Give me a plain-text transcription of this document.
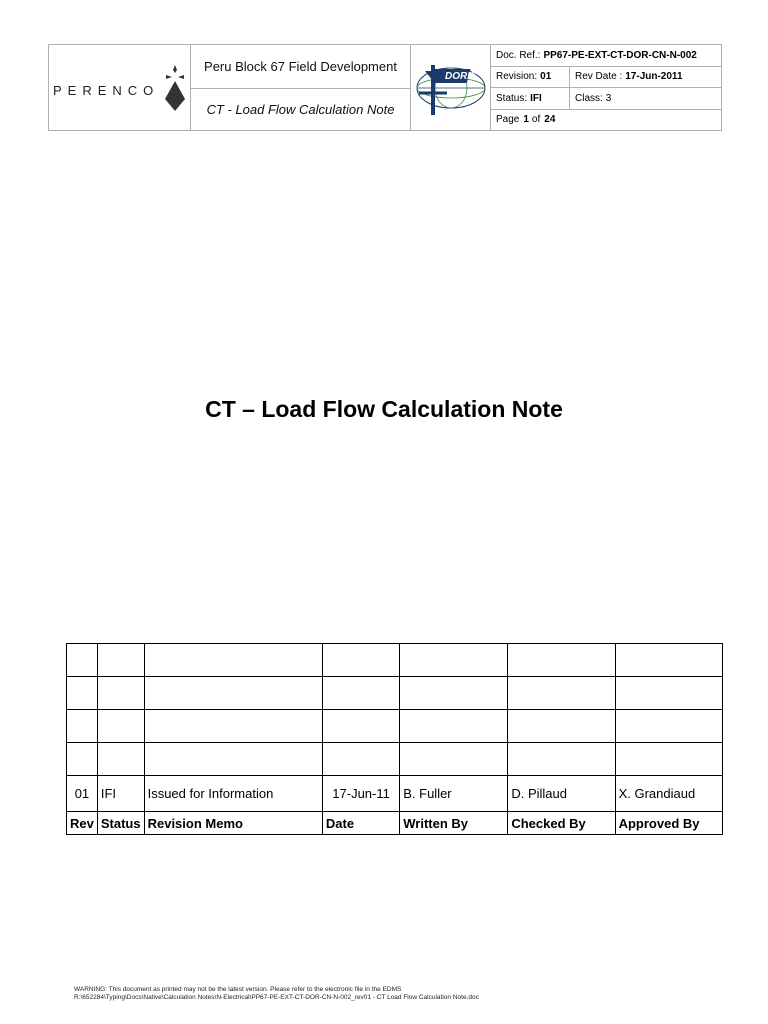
PERENCO
Peru Block 67 Field Development
CT - Load Flow Calculation Note
DORIS
Doc. Ref.: PP67-PE-EXT-CT-DOR-CN-N-002
Revision: 01 Rev Date : 17-Jun-2011
Status: IFI	Class: 3
Page 1 of 24
CT – Load Flow Calculation Note

01	IFI	Issued for Information	17-Jun-11	B. Fuller	D. Pillaud	X. Grandiaud
Rev	Status	Revision Memo	Date	Written By	Checked By	Approved By
WARNING: This document as printed may not be the latest version. Please refer to the electronic file in the EDMS
R:\652284\Typing\Docs\Native\Calculation Notes\N-Electrical\PP67-PE-EXT-CT-DOR-CN-N-002_rev01 - CT Load Flow Calculation Note.doc
